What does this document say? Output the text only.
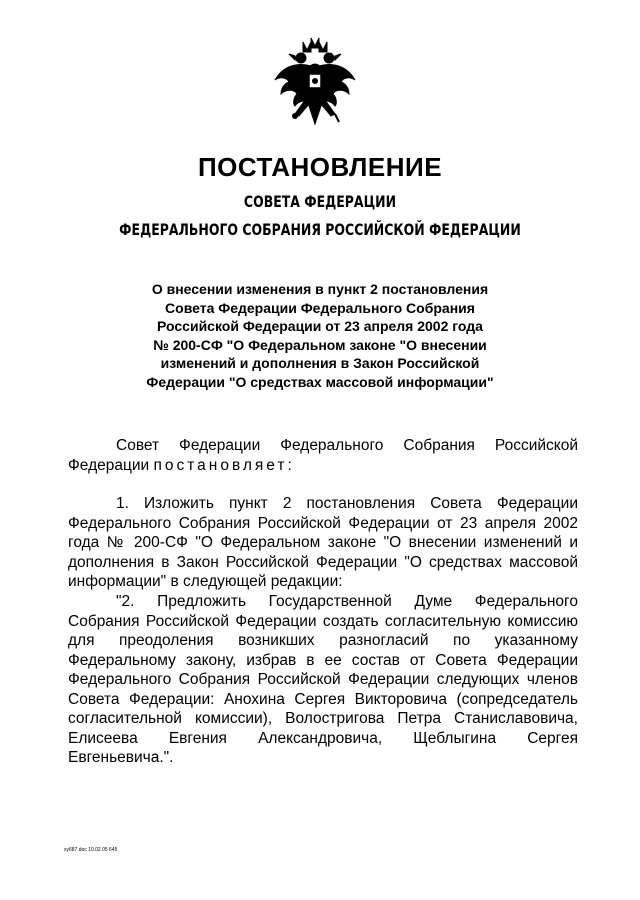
ПОСТАНОВЛЕНИЕ
СОВЕТА ФЕДЕРАЦИИ
ФЕДЕРАЛЬНОГО СОБРАНИЯ РОССИЙСКОЙ ФЕДЕРАЦИИ
О внесении изменения в пункт 2 постановления
Совета Федерации Федерального Собрания
Российской Федерации от 23 апреля 2002 года
№ 200-СФ "О Федеральном законе "О внесении
изменений и дополнения в Закон Российской
Федерации "О средствах массовой информации"
Совет Федерации Федерального Собрания Российской Федерации постановляет:
1. Изложить пункт 2 постановления Совета Федерации Федерального Собрания Российской Федерации от 23 апреля 2002 года № 200-СФ "О Федеральном законе "О внесении изменений и дополнения в Закон Российской Федерации "О средствах массовой информации" в следующей редакции:
"2. Предложить Государственной Думе Федерального Собрания Российской Федерации создать согласительную комиссию для преодоления возникших разногласий по указанному Федеральному закону, избрав в ее состав от Совета Федерации Федерального Собрания Российской Федерации следующих членов Совета Федерации: Анохина Сергея Викторовича (сопредседатель согласительной комиссии), Волостригова Петра Станиславовича, Елисеева Евгения Александровича, Щеблыгина Сергея Евгеньевича.".
sy687.doc 10.02.05 645
